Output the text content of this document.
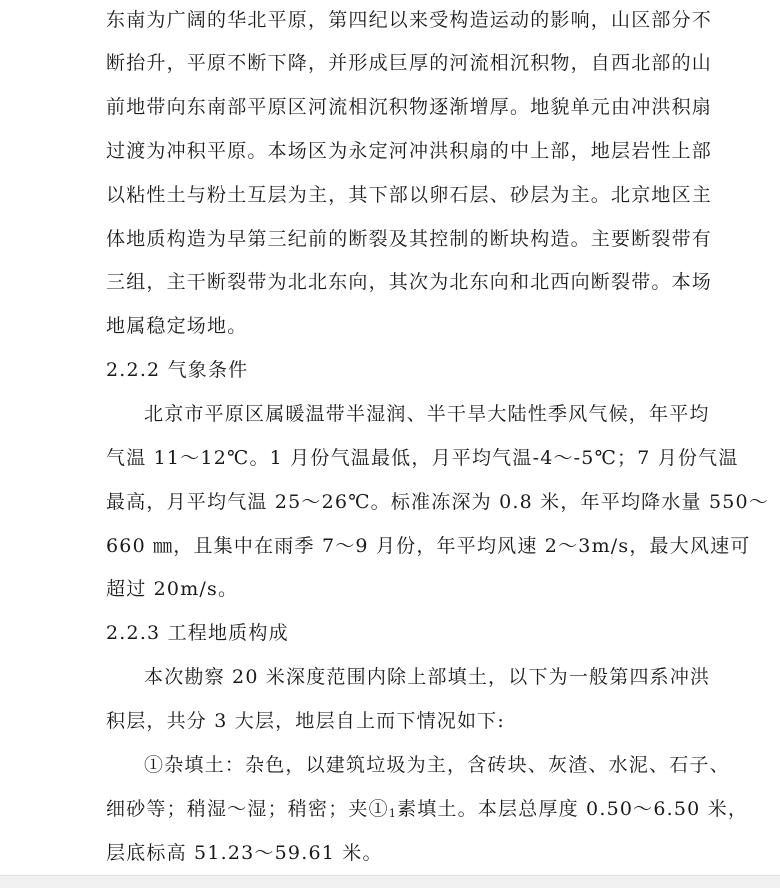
东南为广阔的华北平原，第四纪以来受构造运动的影响，山区部分不
断抬升，平原不断下降，并形成巨厚的河流相沉积物，自西北部的山
前地带向东南部平原区河流相沉积物逐渐增厚。地貌单元由冲洪积扇
过渡为冲积平原。本场区为永定河冲洪积扇的中上部，地层岩性上部
以粘性土与粉土互层为主，其下部以卵石层、砂层为主。北京地区主
体地质构造为早第三纪前的断裂及其控制的断块构造。主要断裂带有
三组，主干断裂带为北北东向，其次为北东向和北西向断裂带。本场
地属稳定场地。
2.2.2 气象条件
北京市平原区属暖温带半湿润、半干旱大陆性季风气候，年平均
气温 11～12℃。1 月份气温最低，月平均气温-4～-5℃；7 月份气温
最高，月平均气温 25～26℃。标准冻深为 0.8 米，年平均降水量 550～
660 ㎜，且集中在雨季 7～9 月份，年平均风速 2～3m/s，最大风速可
超过 20m/s。
2.2.3 工程地质构成
本次勘察 20 米深度范围内除上部填土，以下为一般第四系冲洪
积层，共分 3 大层，地层自上而下情况如下:
①杂填土：杂色，以建筑垃圾为主，含砖块、灰渣、水泥、石子、
细砂等；稍湿～湿；稍密；夹$①_1$素填土。本层总厚度 0.50～6.50 米，
层底标高 51.23～59.61 米。
